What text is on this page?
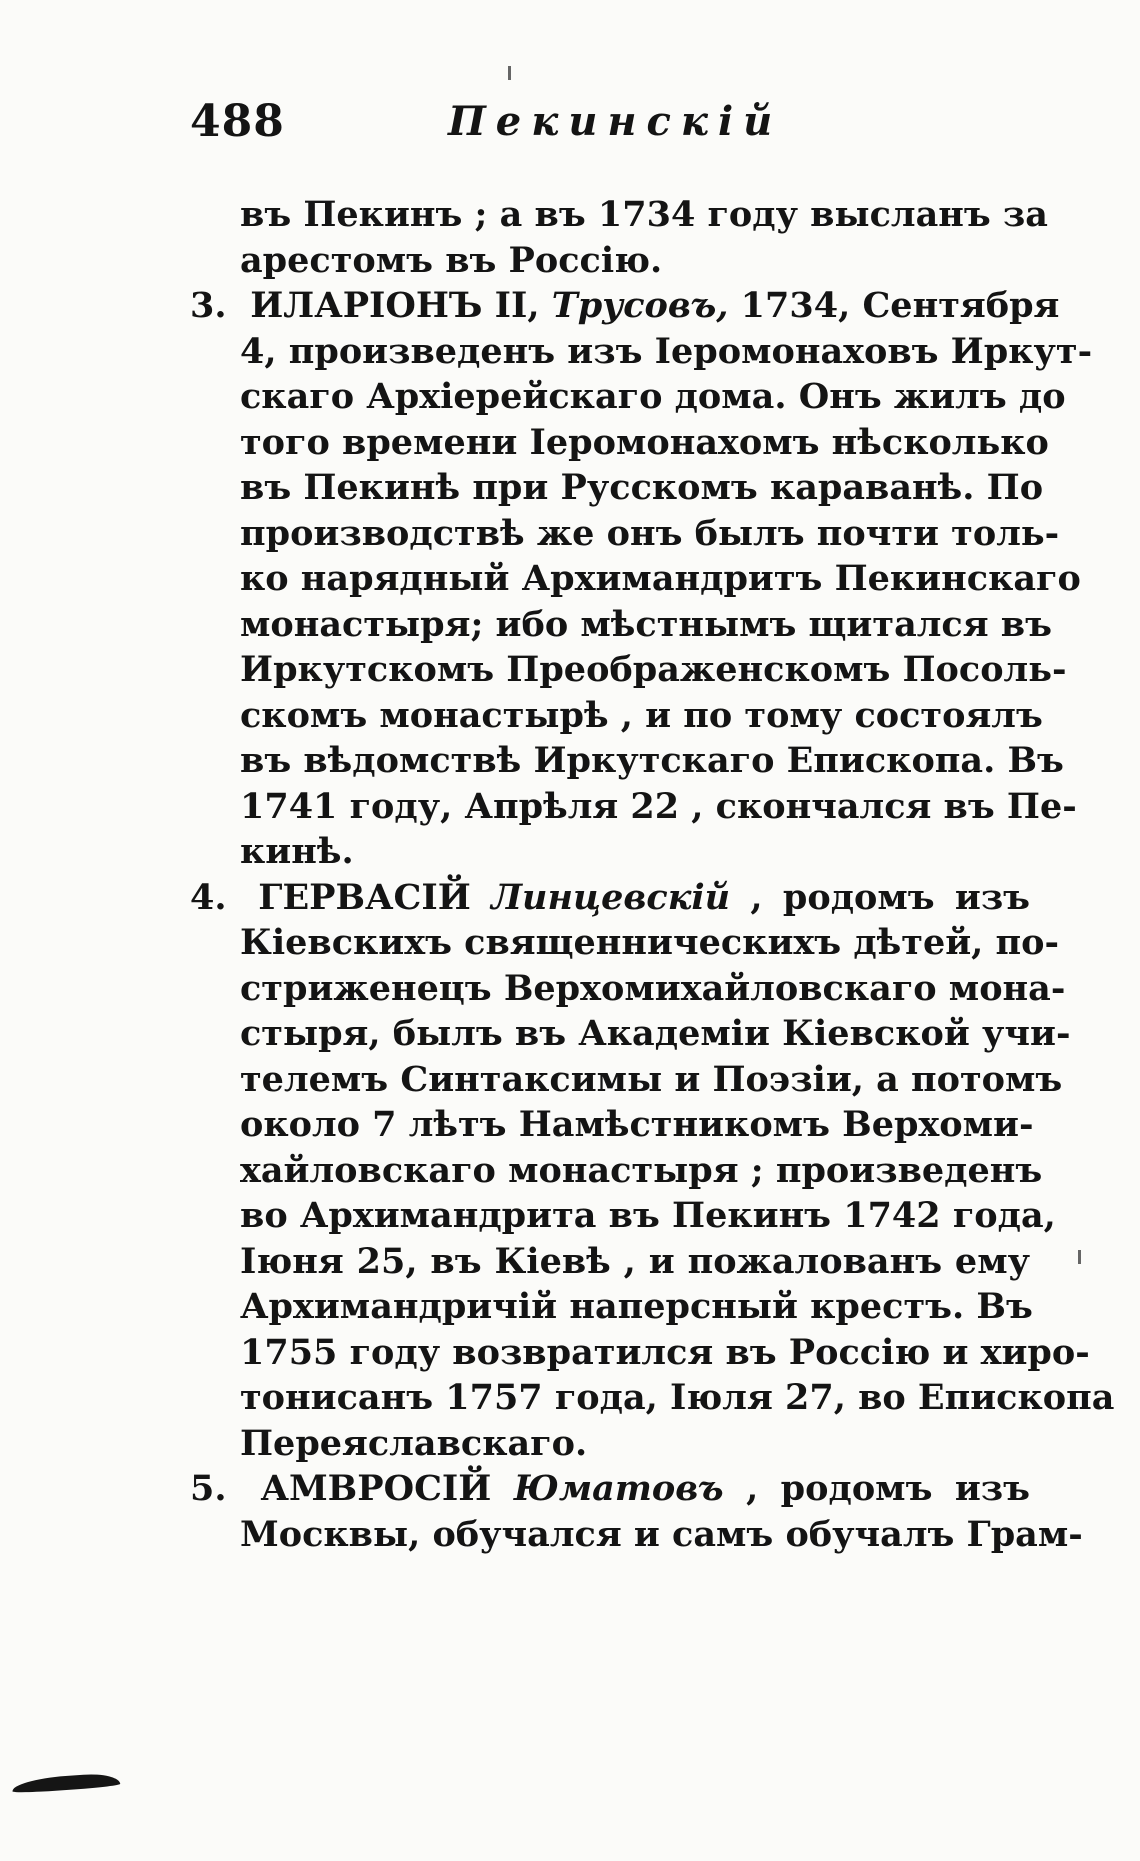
488	Пекинскій
въ Пекинъ ; а въ 1734 году высланъ за
арестомъ въ Россію.
3. ИЛАРІОНЪ II, Трусовъ, 1734, Сентября
4, произведенъ изъ Іеромонаховъ Иркут-
скаго Архіерейскаго дома. Онъ жилъ до
того времени Іеромонахомъ нѣсколько
въ Пекинѣ при Русскомъ караванѣ. По
производствѣ же онъ былъ почти толь-
ко нарядный Архимандритъ Пекинскаго
монастыря; ибо мѣстнымъ щитался въ
Иркутскомъ Преображенскомъ Посоль-
скомъ монастырѣ , и по тому состоялъ
въ вѣдомствѣ Иркутскаго Епископа. Въ
1741 году, Апрѣля 22 , скончался въ Пе-
кинѣ.
4. ГЕРВАСІЙ Линцевскій , родомъ изъ
Кіевскихъ священническихъ дѣтей, по-
стриженецъ Верхомихайловскаго мона-
стыря, былъ въ Академіи Кіевской учи-
телемъ Синтаксимы и Поэзіи, а потомъ
около 7 лѣтъ Намѣстникомъ Верхоми-
хайловскаго монастыря ; произведенъ
во Архимандрита въ Пекинъ 1742 года,
Іюня 25, въ Кіевѣ , и пожалованъ ему
Архимандричій наперсный крестъ. Въ
1755 году возвратился въ Россію и хиро-
тонисанъ 1757 года, Іюля 27, во Епископа
Переяславскаго.
5. АМВРОСІЙ Юматовъ , родомъ изъ
Москвы, обучался и самъ обучалъ Грам-
